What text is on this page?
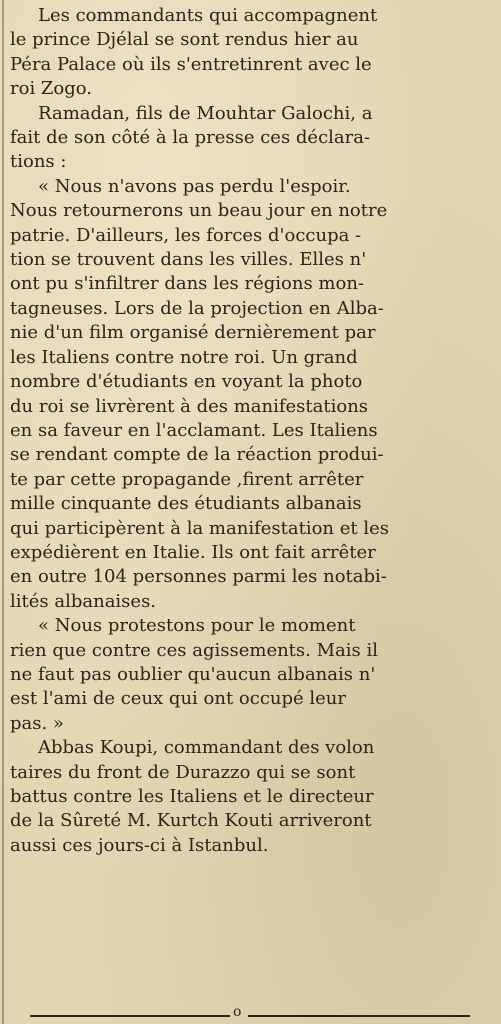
Les commandants qui accompagnent
le prince Djélal se sont rendus hier au
Péra Palace où ils s'entretinrent avec le
roi Zogo.
Ramadan, fils de Mouhtar Galochi, a
fait de son côté à la presse ces déclara-
tions :
« Nous n'avons pas perdu l'espoir.
Nous retournerons un beau jour en notre
patrie. D'ailleurs, les forces d'occupa -
tion se trouvent dans les villes. Elles n'
ont pu s'infiltrer dans les régions mon-
tagneuses. Lors de la projection en Alba-
nie d'un film organisé dernièrement par
les Italiens contre notre roi. Un grand
nombre d'étudiants en voyant la photo
du roi se livrèrent à des manifestations
en sa faveur en l'acclamant. Les Italiens
se rendant compte de la réaction produi-
te par cette propagande ,firent arrêter
mille cinquante des étudiants albanais
qui participèrent à la manifestation et les
expédièrent en Italie. Ils ont fait arrêter
en outre 104 personnes parmi les notabi-
lités albanaises.
« Nous protestons pour le moment
rien que contre ces agissements. Mais il
ne faut pas oublier qu'aucun albanais n'
est l'ami de ceux qui ont occupé leur
pas. »
Abbas Koupi, commandant des volon
taires du front de Durazzo qui se sont
battus contre les Italiens et le directeur
de la Sûreté M. Kurtch Kouti arriveront
aussi ces jours-ci à Istanbul.
o
